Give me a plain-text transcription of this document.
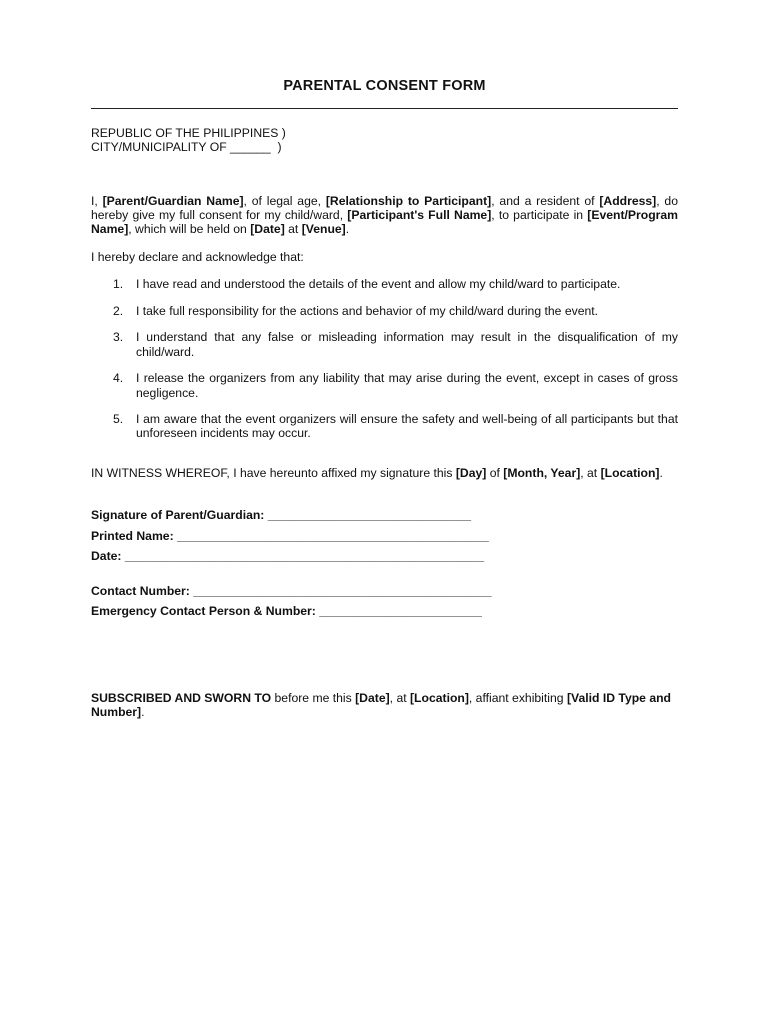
PARENTAL CONSENT FORM
REPUBLIC OF THE PHILIPPINES )
CITY/MUNICIPALITY OF ______  )
I, [Parent/Guardian Name], of legal age, [Relationship to Participant], and a resident of [Address], do hereby give my full consent for my child/ward, [Participant's Full Name], to participate in [Event/Program Name], which will be held on [Date] at [Venue].
I hereby declare and acknowledge that:
1. I have read and understood the details of the event and allow my child/ward to participate.
2. I take full responsibility for the actions and behavior of my child/ward during the event.
3. I understand that any false or misleading information may result in the disqualification of my child/ward.
4. I release the organizers from any liability that may arise during the event, except in cases of gross negligence.
5. I am aware that the event organizers will ensure the safety and well-being of all participants but that unforeseen incidents may occur.
IN WITNESS WHEREOF, I have hereunto affixed my signature this [Day] of [Month, Year], at [Location].
Signature of Parent/Guardian: ______________________________
Printed Name: ______________________________________________
Date: _____________________________________________________
Contact Number: ____________________________________________
Emergency Contact Person & Number: ________________________
SUBSCRIBED AND SWORN TO before me this [Date], at [Location], affiant exhibiting [Valid ID Type and Number].
